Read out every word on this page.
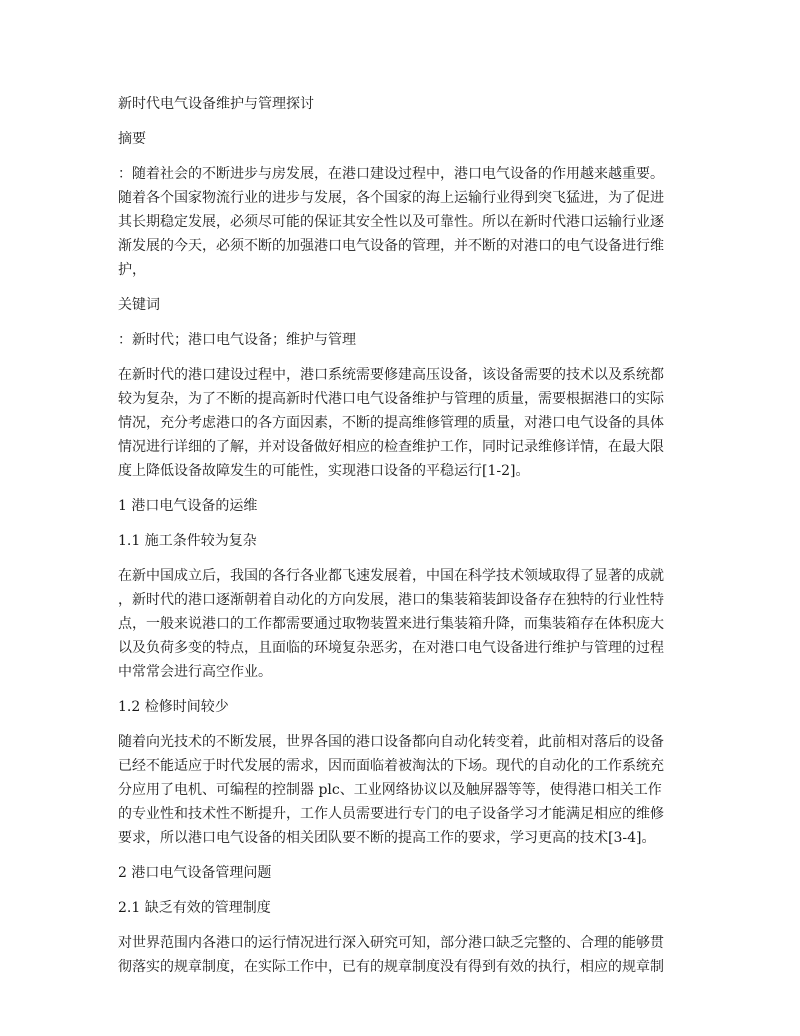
新时代电气设备维护与管理探讨

摘要

：随着社会的不断进步与房发展，在港口建设过程中，港口电气设备的作用越来越重要。

随着各个国家物流行业的进步与发展，各个国家的海上运输行业得到突飞猛进，为了促进

其长期稳定发展，必须尽可能的保证其安全性以及可靠性。所以在新时代港口运输行业逐

渐发展的今天，必须不断的加强港口电气设备的管理，并不断的对港口的电气设备进行维

护，

关键词

：新时代；港口电气设备；维护与管理

在新时代的港口建设过程中，港口系统需要修建高压设备，该设备需要的技术以及系统都

较为复杂，为了不断的提高新时代港口电气设备维护与管理的质量，需要根据港口的实际

情况，充分考虑港口的各方面因素，不断的提高维修管理的质量，对港口电气设备的具体

情况进行详细的了解，并对设备做好相应的检查维护工作，同时记录维修详情，在最大限

度上降低设备故障发生的可能性，实现港口设备的平稳运行[1-2]。

1 港口电气设备的运维

1.1 施工条件较为复杂

在新中国成立后，我国的各行各业都飞速发展着，中国在科学技术领域取得了显著的成就

，新时代的港口逐渐朝着自动化的方向发展，港口的集装箱装卸设备存在独特的行业性特

点，一般来说港口的工作都需要通过取物装置来进行集装箱升降，而集装箱存在体积庞大

以及负荷多变的特点，且面临的环境复杂恶劣，在对港口电气设备进行维护与管理的过程

中常常会进行高空作业。

1.2 检修时间较少

随着向光技术的不断发展，世界各国的港口设备都向自动化转变着，此前相对落后的设备

已经不能适应于时代发展的需求，因而面临着被淘汰的下场。现代的自动化的工作系统充

分应用了电机、可编程的控制器 plc、工业网络协议以及触屏器等等，使得港口相关工作

的专业性和技术性不断提升，工作人员需要进行专门的电子设备学习才能满足相应的维修

要求，所以港口电气设备的相关团队要不断的提高工作的要求，学习更高的技术[3-4]。

2 港口电气设备管理问题

2.1 缺乏有效的管理制度

对世界范围内各港口的运行情况进行深入研究可知，部分港口缺乏完整的、合理的能够贯

彻落实的规章制度，在实际工作中，已有的规章制度没有得到有效的执行，相应的规章制
